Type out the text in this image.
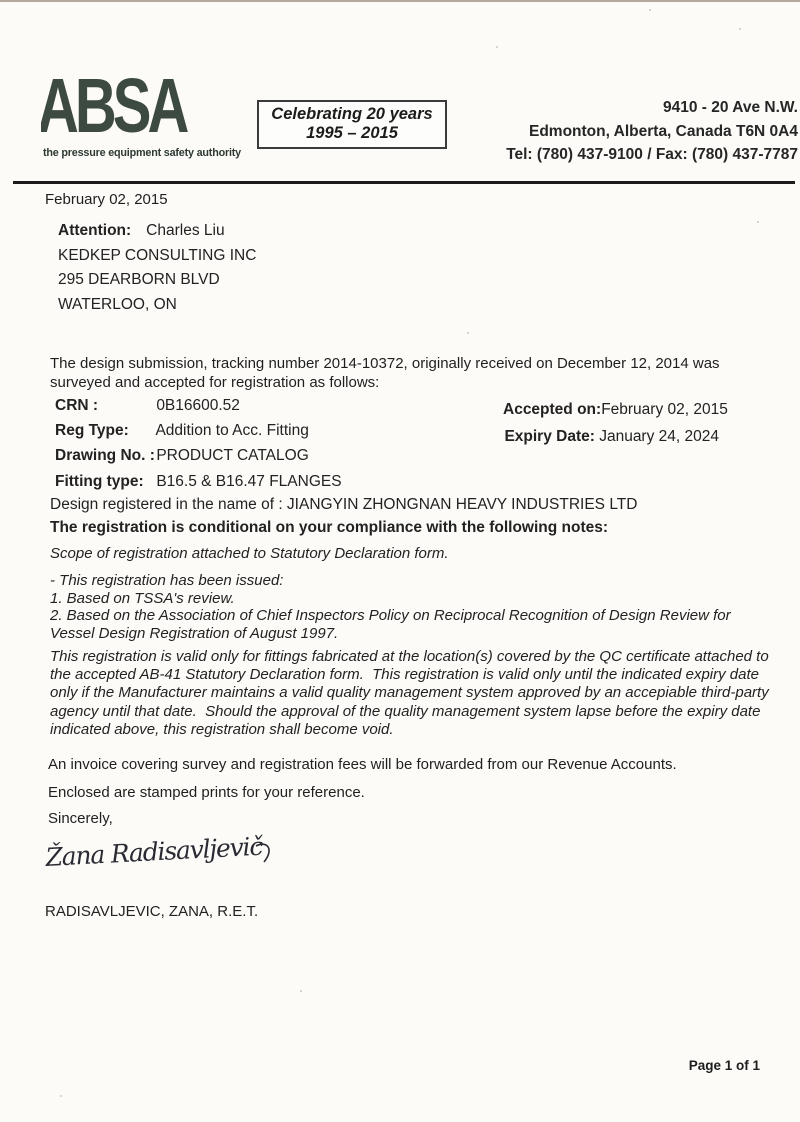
ABSA
the pressure equipment safety authority
Celebrating 20 years
1995 – 2015
9410 - 20 Ave N.W.
Edmonton, Alberta, Canada T6N 0A4
Tel: (780) 437-9100 / Fax: (780) 437-7787
February 02, 2015
Attention: Charles Liu
KEDKEP CONSULTING INC
295 DEARBORN BLVD
WATERLOO, ON
The design submission, tracking number 2014-10372, originally received on December 12, 2014 was surveyed and accepted for registration as follows:
CRN :	0B16600.52
Reg Type: Addition to Acc. Fitting
Drawing No. : PRODUCT CATALOG
Fitting type: B16.5 & B16.47 FLANGES
Accepted on:February 02, 2015
Expiry Date: January 24, 2024
Design registered in the name of : JIANGYIN ZHONGNAN HEAVY INDUSTRIES LTD
The registration is conditional on your compliance with the following notes:
Scope of registration attached to Statutory Declaration form.
- This registration has been issued:
1. Based on TSSA's review.
2. Based on the Association of Chief Inspectors Policy on Reciprocal Recognition of Design Review for Vessel Design Registration of August 1997.
This registration is valid only for fittings fabricated at the location(s) covered by the QC certificate attached to the accepted AB-41 Statutory Declaration form.  This registration is valid only until the indicated expiry date only if the Manufacturer maintains a valid quality management system approved by an accepiable third-party agency until that date.  Should the approval of the quality management system lapse before the expiry date indicated above, this registration shall become void.
An invoice covering survey and registration fees will be forwarded from our Revenue Accounts.
Enclosed are stamped prints for your reference.
Sincerely,
Žana Radisavljevič
RADISAVLJEVIC, ZANA, R.E.T.
Page 1 of 1
